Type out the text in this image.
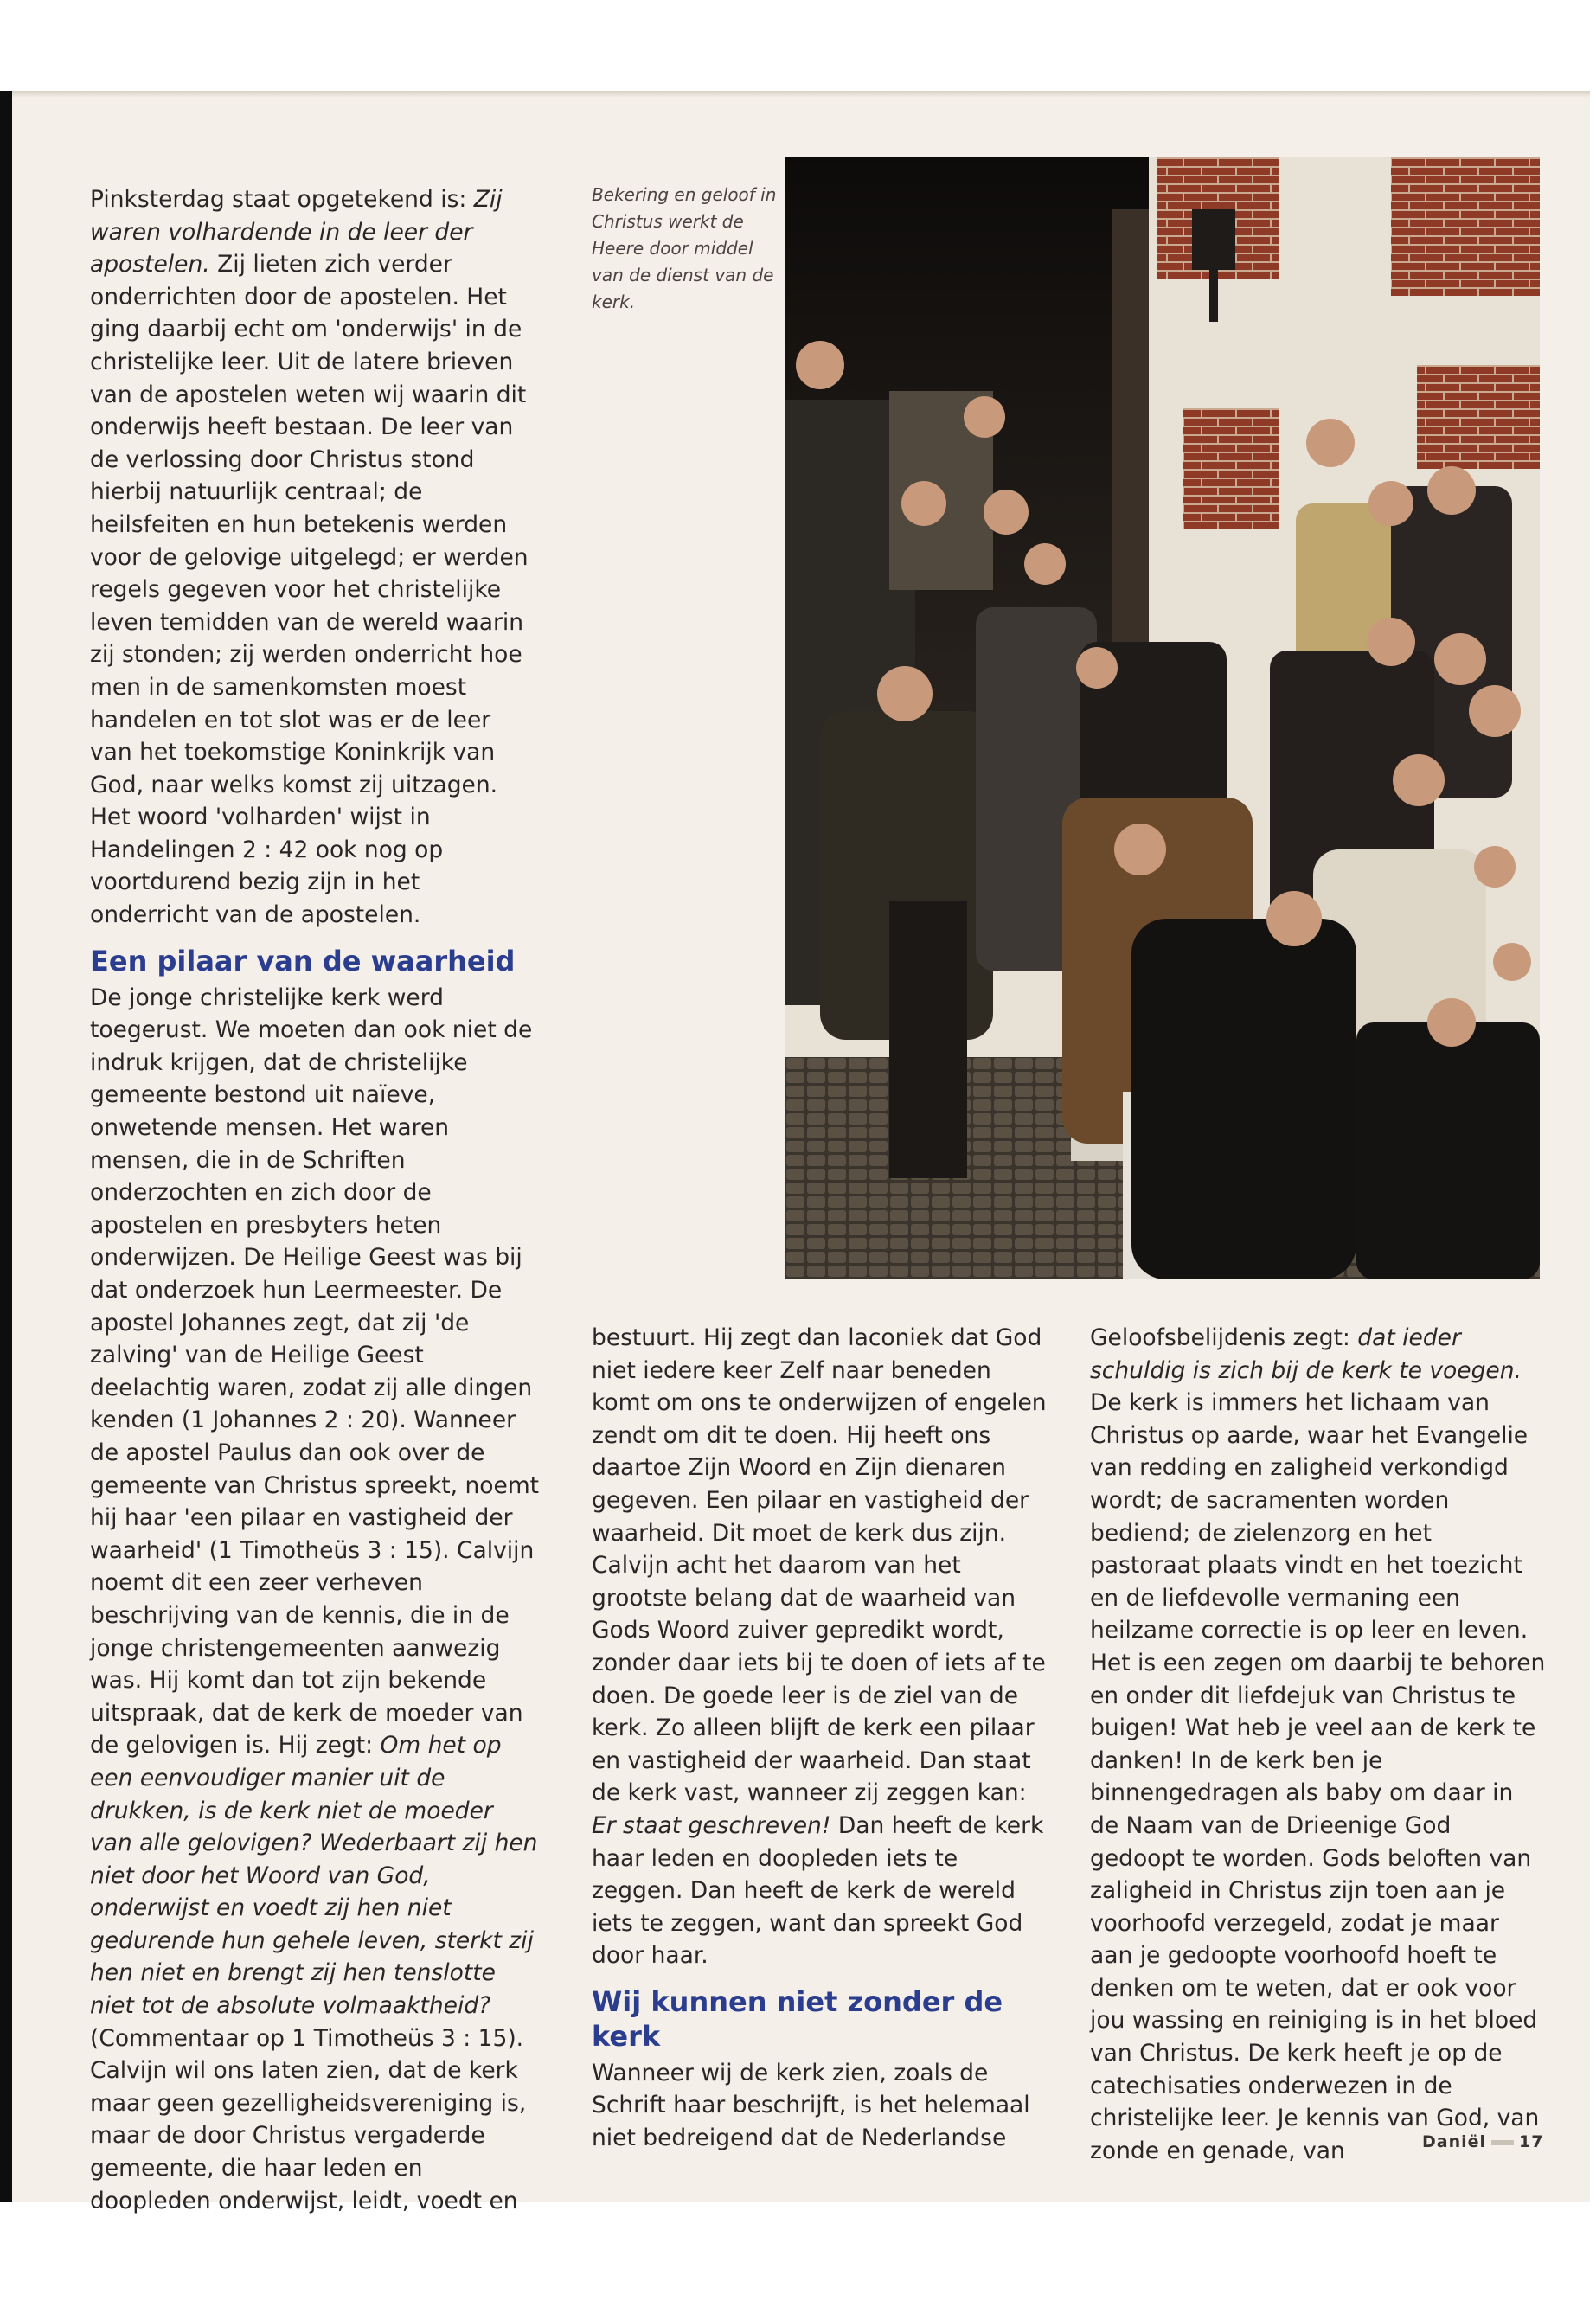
Pinksterdag staat opgetekend is: Zij waren volhardende in de leer der apostelen. Zij lieten zich verder onderrichten door de apostelen. Het ging daarbij echt om 'onderwijs' in de christelijke leer. Uit de latere brieven van de apostelen weten wij waarin dit onderwijs heeft bestaan. De leer van de verlossing door Christus stond hierbij natuurlijk centraal; de heilsfeiten en hun betekenis werden voor de gelovige uitgelegd; er werden regels gegeven voor het christelijke leven temidden van de wereld waarin zij stonden; zij werden onderricht hoe men in de samenkomsten moest handelen en tot slot was er de leer van het toekomstige Koninkrijk van God, naar welks komst zij uitzagen. Het woord 'volharden' wijst in Handelingen 2 : 42 ook nog op voortdurend bezig zijn in het onderricht van de apostelen.

Een pilaar van de waarheid

De jonge christelijke kerk werd toegerust. We moeten dan ook niet de indruk krijgen, dat de christelijke gemeente bestond uit naïeve, onwetende mensen. Het waren mensen, die in de Schriften onderzochten en zich door de apostelen en presbyters heten onderwijzen. De Heilige Geest was bij dat onderzoek hun Leermeester. De apostel Johannes zegt, dat zij 'de zalving' van de Heilige Geest deelachtig waren, zodat zij alle dingen kenden (1 Johannes 2 : 20). Wanneer de apostel Paulus dan ook over de gemeente van Christus spreekt, noemt hij haar 'een pilaar en vastigheid der waarheid' (1 Timotheüs 3 : 15). Calvijn noemt dit een zeer verheven beschrijving van de kennis, die in de jonge christengemeenten aanwezig was. Hij komt dan tot zijn bekende uitspraak, dat de kerk de moeder van de gelovigen is. Hij zegt: Om het op een eenvoudiger manier uit de drukken, is de kerk niet de moeder van alle gelovigen? Wederbaart zij hen niet door het Woord van God, onderwijst en voedt zij hen niet gedurende hun gehele leven, sterkt zij hen niet en brengt zij hen tenslotte niet tot de absolute volmaaktheid? (Commentaar op 1 Timotheüs 3 : 15). Calvijn wil ons laten zien, dat de kerk maar geen gezelligheidsvereniging is, maar de door Christus vergaderde gemeente, die haar leden en doopleden onderwijst, leidt, voedt en

Bekering en geloof in Christus werkt de Heere door middel van de dienst van de kerk.

bestuurt. Hij zegt dan laconiek dat God niet iedere keer Zelf naar beneden komt om ons te onderwijzen of engelen zendt om dit te doen. Hij heeft ons daartoe Zijn Woord en Zijn dienaren gegeven. Een pilaar en vastigheid der waarheid. Dit moet de kerk dus zijn. Calvijn acht het daarom van het grootste belang dat de waarheid van Gods Woord zuiver gepredikt wordt, zonder daar iets bij te doen of iets af te doen. De goede leer is de ziel van de kerk. Zo alleen blijft de kerk een pilaar en vastigheid der waarheid. Dan staat de kerk vast, wanneer zij zeggen kan: Er staat geschreven! Dan heeft de kerk haar leden en doopleden iets te zeggen. Dan heeft de kerk de wereld iets te zeggen, want dan spreekt God door haar.

Wij kunnen niet zonder de kerk

Wanneer wij de kerk zien, zoals de Schrift haar beschrijft, is het helemaal niet bedreigend dat de Nederlandse

Geloofsbelijdenis zegt: dat ieder schuldig is zich bij de kerk te voegen. De kerk is immers het lichaam van Christus op aarde, waar het Evangelie van redding en zaligheid verkondigd wordt; de sacramenten worden bediend; de zielenzorg en het pastoraat plaats vindt en het toezicht en de liefdevolle vermaning een heilzame correctie is op leer en leven. Het is een zegen om daarbij te behoren en onder dit liefdejuk van Christus te buigen! Wat heb je veel aan de kerk te danken! In de kerk ben je binnengedragen als baby om daar in de Naam van de Drieenige God gedoopt te worden. Gods beloften van zaligheid in Christus zijn toen aan je voorhoofd verzegeld, zodat je maar aan je gedoopte voorhoofd hoeft te denken om te weten, dat er ook voor jou wassing en reiniging is in het bloed van Christus. De kerk heeft je op de catechisaties onderwezen in de christelijke leer. Je kennis van God, van zonde en genade, van	Daniël 17
